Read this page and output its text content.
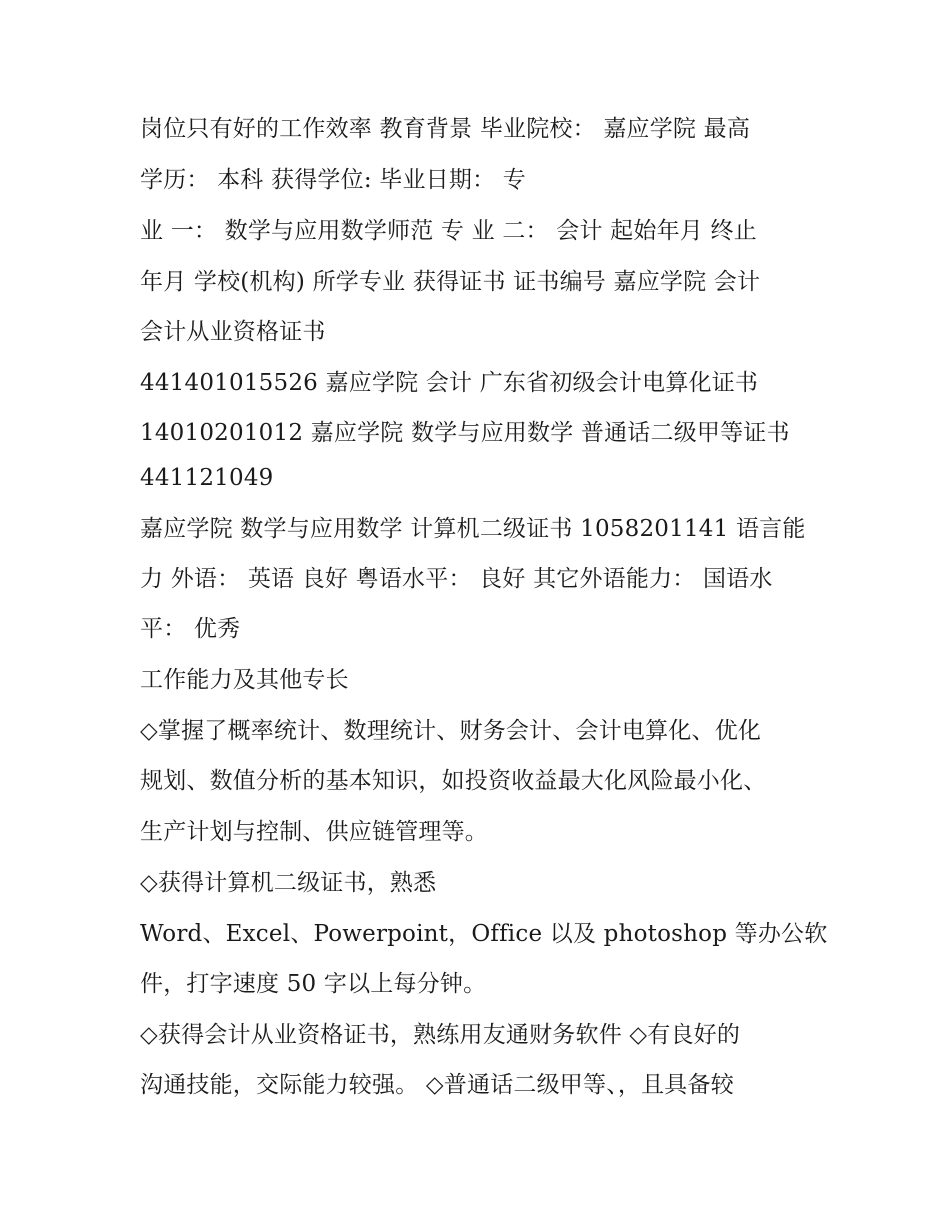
岗位只有好的工作效率 教育背景 毕业院校： 嘉应学院 最高

学历： 本科 获得学位: 毕业日期： 专

业 一： 数学与应用数学师范 专 业 二： 会计 起始年月 终止

年月 学校(机构) 所学专业 获得证书 证书编号 嘉应学院 会计

会计从业资格证书

441401015526 嘉应学院 会计 广东省初级会计电算化证书

14010201012 嘉应学院 数学与应用数学 普通话二级甲等证书

441121049

嘉应学院 数学与应用数学 计算机二级证书 1058201141 语言能

力 外语： 英语 良好 粤语水平： 良好 其它外语能力： 国语水

平： 优秀

工作能力及其他专长

◇掌握了概率统计、数理统计、财务会计、会计电算化、优化

规划、数值分析的基本知识，如投资收益最大化风险最小化、

生产计划与控制、供应链管理等。

◇获得计算机二级证书，熟悉

Word、Excel、Powerpoint，Office 以及 photoshop 等办公软

件，打字速度 50 字以上每分钟。

◇获得会计从业资格证书，熟练用友通财务软件 ◇有良好的

沟通技能，交际能力较强。 ◇普通话二级甲等、，且具备较
